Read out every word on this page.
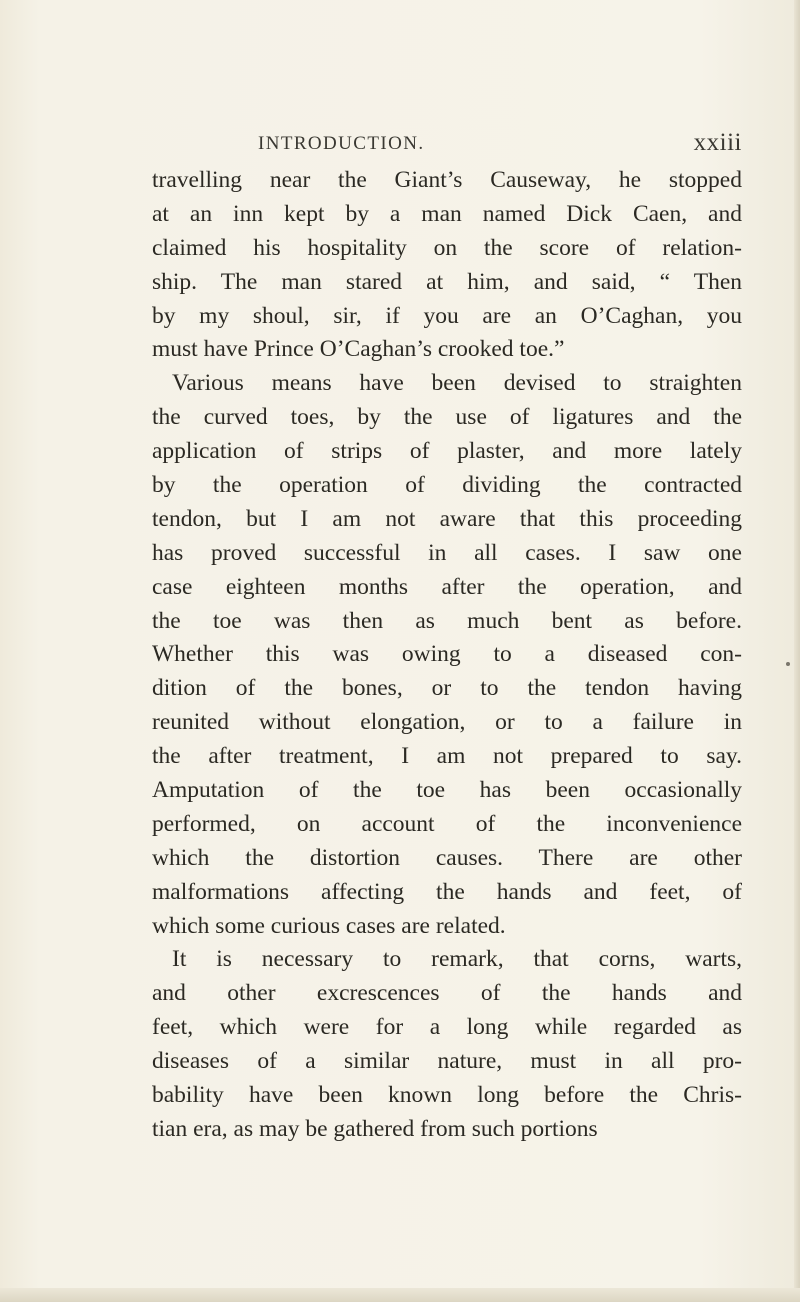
INTRODUCTION.	xxiii
travelling near the Giant’s Causeway, he stopped
at an inn kept by a man named Dick Caen, and
claimed his hospitality on the score of relation-
ship. The man stared at him, and said, “ Then
by my shoul, sir, if you are an O’Caghan, you
must have Prince O’Caghan’s crooked toe.”
Various means have been devised to straighten
the curved toes, by the use of ligatures and the
application of strips of plaster, and more lately
by the operation of dividing the contracted
tendon, but I am not aware that this proceeding
has proved successful in all cases. I saw one
case eighteen months after the operation, and
the toe was then as much bent as before.
Whether this was owing to a diseased con-
dition of the bones, or to the tendon having
reunited without elongation, or to a failure in
the after treatment, I am not prepared to say.
Amputation of the toe has been occasionally
performed, on account of the inconvenience
which the distortion causes. There are other
malformations affecting the hands and feet, of
which some curious cases are related.
It is necessary to remark, that corns, warts,
and other excrescences of the hands and
feet, which were for a long while regarded as
diseases of a similar nature, must in all pro-
bability have been known long before the Chris-
tian era, as may be gathered from such portions
